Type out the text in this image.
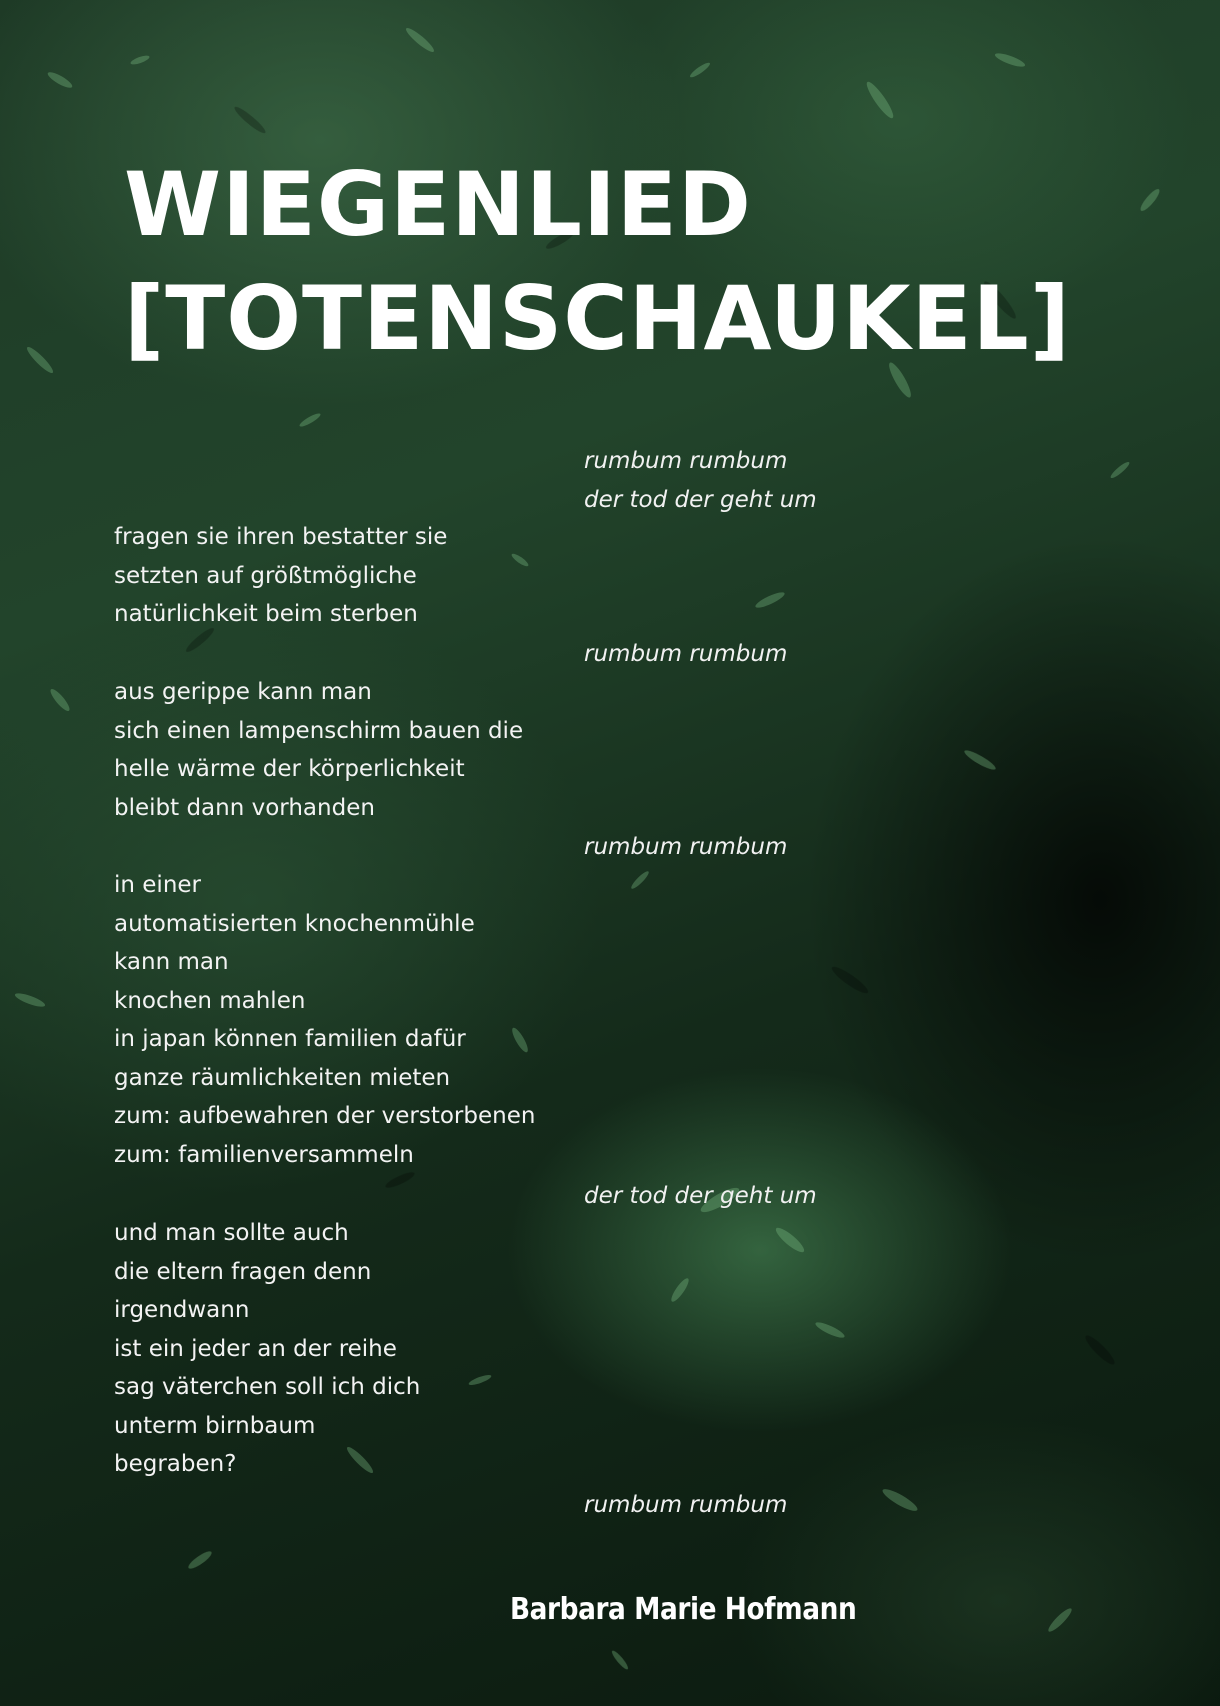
WIEGENLIED
[TOTENSCHAUKEL]
rumbum rumbum
der tod der geht um
rumbum rumbum
rumbum rumbum
der tod der geht um
rumbum rumbum
fragen sie ihren bestatter sie
setzten auf größtmögliche
natürlichkeit beim sterben
aus gerippe kann man
sich einen lampenschirm bauen die
helle wärme der körperlichkeit
bleibt dann vorhanden
in einer
automatisierten knochenmühle
kann man
knochen mahlen
in japan können familien dafür
ganze räumlichkeiten mieten
zum: aufbewahren der verstorbenen
zum: familienversammeln
und man sollte auch
die eltern fragen denn
irgendwann
ist ein jeder an der reihe
sag väterchen soll ich dich
unterm birnbaum
begraben?
Barbara Marie Hofmann
